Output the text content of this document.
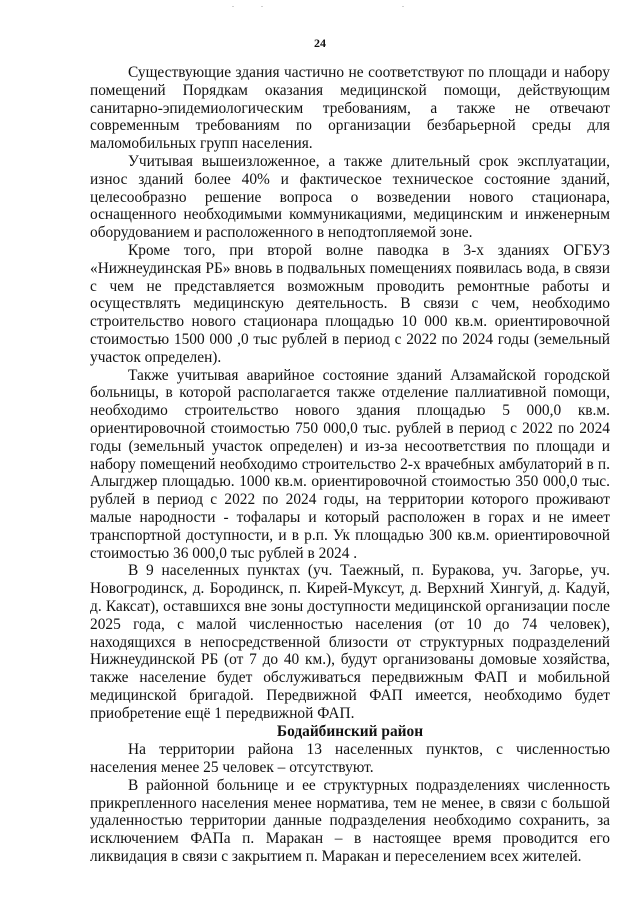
24

Существующие здания частично не соответствуют по площади и набору помещений Порядкам оказания медицинской помощи, действующим санитарно-эпидемиологическим требованиям, а также не отвечают современным требованиям по организации безбарьерной среды для маломобильных групп населения.

Учитывая вышеизложенное, а также длительный срок эксплуатации, износ зданий более 40% и фактическое техническое состояние зданий, целесообразно решение вопроса о возведении нового стационара, оснащенного необходимыми коммуникациями, медицинским и инженерным оборудованием и расположенного в неподтопляемой зоне.

Кроме того, при второй волне паводка в 3-х зданиях ОГБУЗ «Нижнеудинская РБ» вновь в подвальных помещениях появилась вода, в связи с чем не представляется возможным проводить ремонтные работы и осуществлять медицинскую деятельность. В связи с чем, необходимо строительство нового стационара площадью 10 000 кв.м. ориентировочной стоимостью 1500 000 ,0 тыс рублей в период с 2022 по 2024 годы (земельный участок определен).

Также учитывая аварийное состояние зданий Алзамайской городской больницы, в которой располагается также отделение паллиативной помощи, необходимо строительство нового здания площадью 5 000,0 кв.м. ориентировочной стоимостью 750 000,0 тыс. рублей в период с 2022 по 2024 годы (земельный участок определен) и из-за несоответствия по площади и набору помещений необходимо строительство 2-х врачебных амбулаторий в п. Алыгджер площадью. 1000 кв.м. ориентировочной стоимостью 350 000,0 тыс. рублей в период с 2022 по 2024 годы, на территории которого проживают малые народности - тофалары и который расположен в горах и не имеет транспортной доступности, и в р.п. Ук площадью 300 кв.м. ориентировочной стоимостью 36 000,0 тыс рублей в 2024 .

В 9 населенных пунктах (уч. Таежный, п. Буракова, уч. Загорье, уч. Новогродинск, д. Бородинск, п. Кирей-Муксут, д. Верхний Хингуй, д. Кадуй, д. Каксат), оставшихся вне зоны доступности медицинской организации после 2025 года, с малой численностью населения (от 10 до 74 человек), находящихся в непосредственной близости от структурных подразделений Нижнеудинской РБ (от 7 до 40 км.), будут организованы домовые хозяйства, также население будет обслуживаться передвижным ФАП и мобильной медицинской бригадой. Передвижной ФАП имеется, необходимо будет приобретение ещё 1 передвижной ФАП.

Бодайбинский район

На территории района 13 населенных пунктов, с численностью населения менее 25 человек – отсутствуют.

В районной больнице и ее структурных подразделениях численность прикрепленного населения менее норматива, тем не менее, в связи с большой удаленностью территории данные подразделения необходимо сохранить, за исключением ФАПа п. Маракан – в настоящее время проводится его ликвидация в связи с закрытием п. Маракан и переселением всех жителей.
